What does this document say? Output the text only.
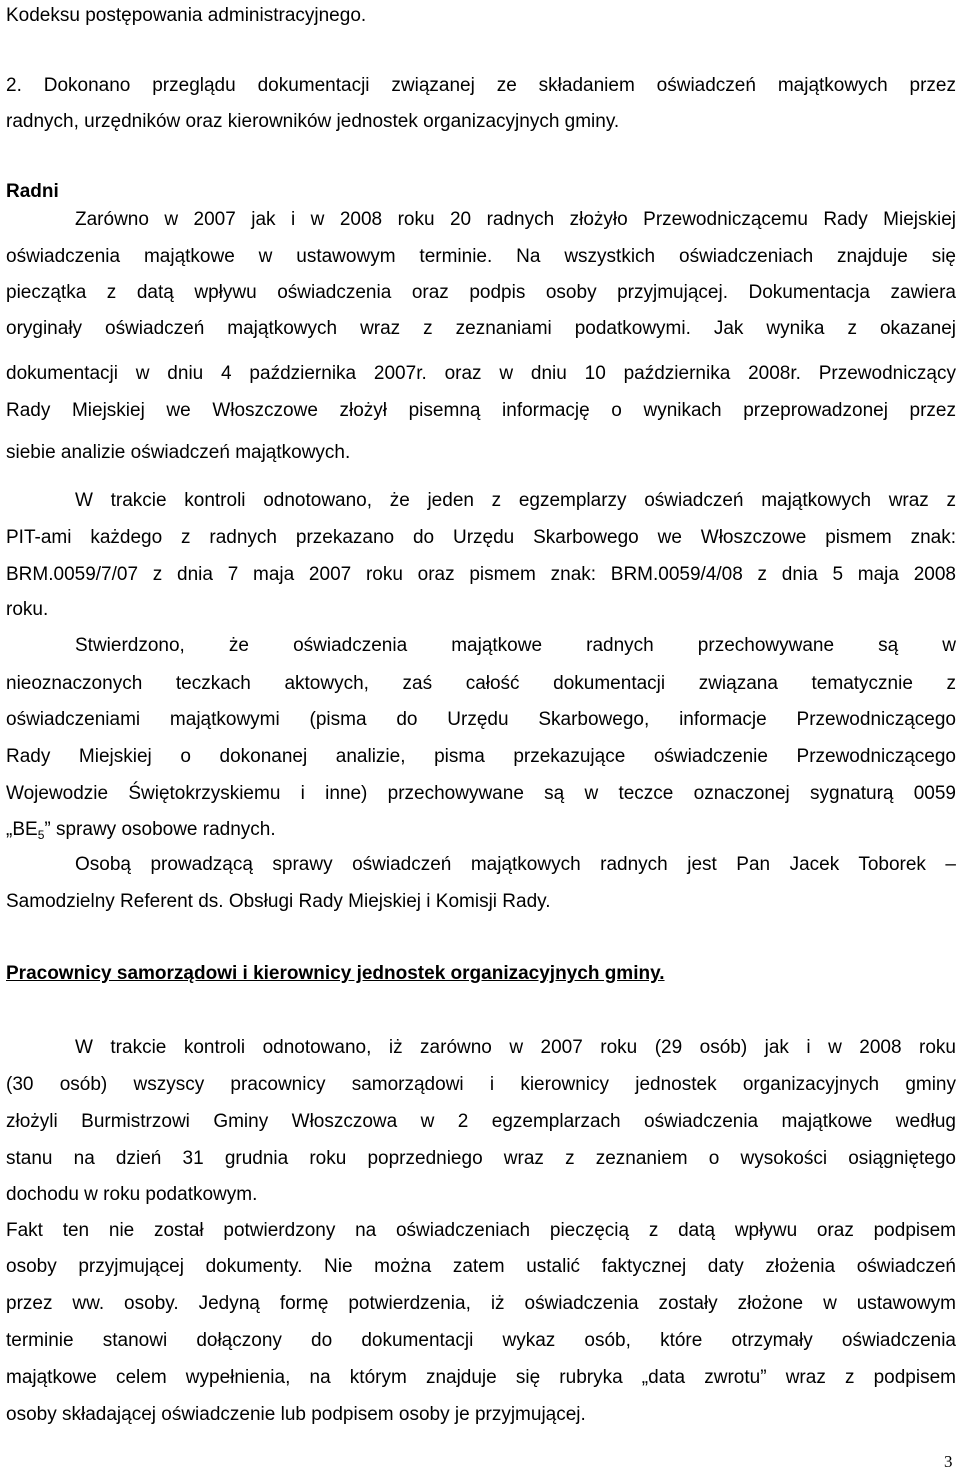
Kodeksu postępowania administracyjnego.
2. Dokonano przeglądu dokumentacji związanej ze składaniem oświadczeń majątkowych przez
radnych, urzędników oraz kierowników jednostek organizacyjnych gminy.
Radni
Zarówno w 2007 jak i w 2008 roku 20 radnych złożyło Przewodniczącemu Rady Miejskiej
oświadczenia majątkowe w ustawowym terminie. Na wszystkich oświadczeniach znajduje się
pieczątka z datą wpływu oświadczenia oraz podpis osoby przyjmującej. Dokumentacja zawiera
oryginały oświadczeń majątkowych wraz z zeznaniami podatkowymi. Jak wynika z okazanej
dokumentacji w dniu 4 października 2007r. oraz w dniu 10 października 2008r. Przewodniczący
Rady Miejskiej we Włoszczowe złożył pisemną informację o wynikach przeprowadzonej przez
siebie analizie oświadczeń majątkowych.
W trakcie kontroli odnotowano, że jeden z egzemplarzy oświadczeń majątkowych wraz z
PIT-ami każdego z radnych przekazano do Urzędu Skarbowego we Włoszczowe pismem znak:
BRM.0059/7/07 z dnia 7 maja 2007 roku oraz pismem znak: BRM.0059/4/08 z dnia 5 maja 2008
roku.
Stwierdzono, że oświadczenia majątkowe radnych przechowywane są w
nieoznaczonych teczkach aktowych, zaś całość dokumentacji związana tematycznie z
oświadczeniami majątkowymi (pisma do Urzędu Skarbowego, informacje Przewodniczącego
Rady Miejskiej o dokonanej analizie, pisma przekazujące oświadczenie Przewodniczącego
Wojewodzie Świętokrzyskiemu i inne) przechowywane są w teczce oznaczonej sygnaturą 0059
$„BE_5$” sprawy osobowe radnych.
Osobą prowadzącą sprawy oświadczeń majątkowych radnych jest Pan Jacek Toborek –
Samodzielny Referent ds. Obsługi Rady Miejskiej i Komisji Rady.
Pracownicy samorządowi i kierownicy jednostek organizacyjnych gminy.
W trakcie kontroli odnotowano, iż zarówno w 2007 roku (29 osób) jak i w 2008 roku
(30 osób) wszyscy pracownicy samorządowi i kierownicy jednostek organizacyjnych gminy
złożyli Burmistrzowi Gminy Włoszczowa w 2 egzemplarzach oświadczenia majątkowe według
stanu na dzień 31 grudnia roku poprzedniego wraz z zeznaniem o wysokości osiągniętego
dochodu w roku podatkowym.
Fakt ten nie został potwierdzony na oświadczeniach pieczęcią z datą wpływu oraz podpisem
osoby przyjmującej dokumenty. Nie można zatem ustalić faktycznej daty złożenia oświadczeń
przez ww. osoby. Jedyną formę potwierdzenia, iż oświadczenia zostały złożone w ustawowym
terminie stanowi dołączony do dokumentacji wykaz osób, które otrzymały oświadczenia
majątkowe celem wypełnienia, na którym znajduje się rubryka „data zwrotu” wraz z podpisem
osoby składającej oświadczenie lub podpisem osoby je przyjmującej.
3
